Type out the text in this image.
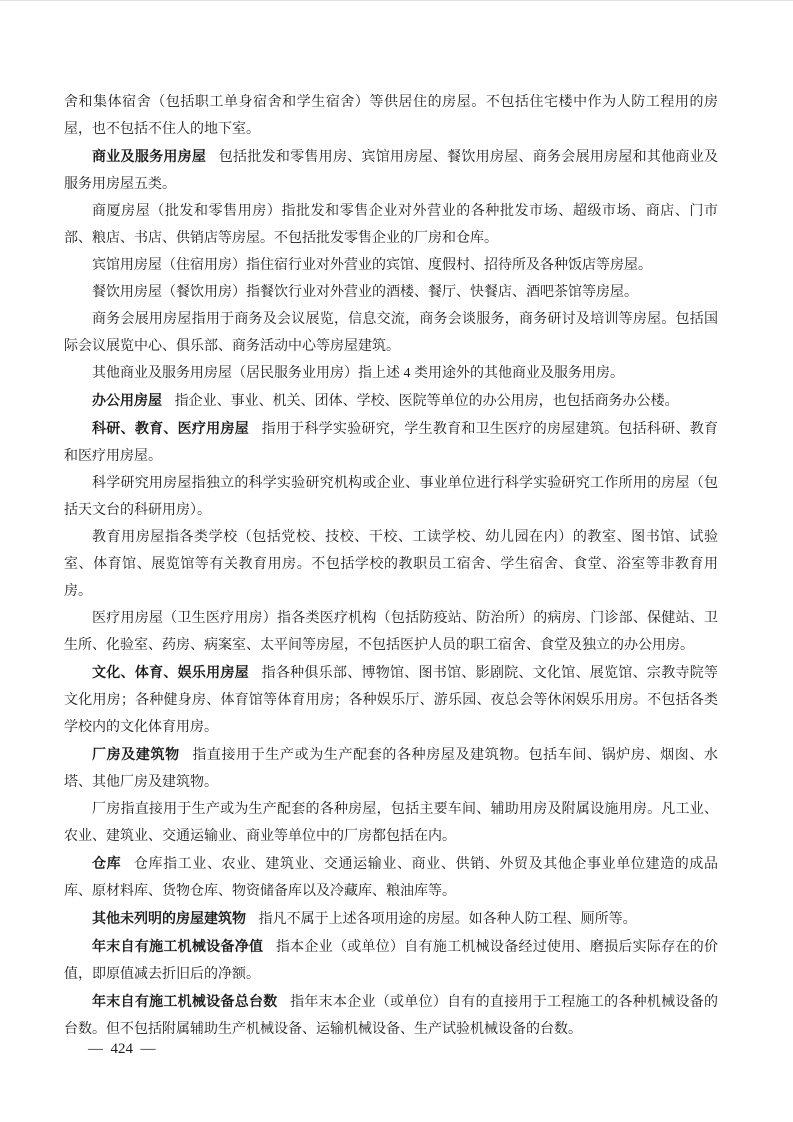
舍和集体宿舍（包括职工单身宿舍和学生宿舍）等供居住的房屋。不包括住宅楼中作为人防工程用的房屋，也不包括不住人的地下室。

商业及服务用房屋 包括批发和零售用房、宾馆用房屋、餐饮用房屋、商务会展用房屋和其他商业及服务用房屋五类。

商厦房屋（批发和零售用房）指批发和零售企业对外营业的各种批发市场、超级市场、商店、门市部、粮店、书店、供销店等房屋。不包括批发零售企业的厂房和仓库。

宾馆用房屋（住宿用房）指住宿行业对外营业的宾馆、度假村、招待所及各种饭店等房屋。

餐饮用房屋（餐饮用房）指餐饮行业对外营业的酒楼、餐厅、快餐店、酒吧茶馆等房屋。

商务会展用房屋指用于商务及会议展览，信息交流，商务会谈服务，商务研讨及培训等房屋。包括国际会议展览中心、俱乐部、商务活动中心等房屋建筑。

其他商业及服务用房屋（居民服务业用房）指上述 4 类用途外的其他商业及服务用房。

办公用房屋 指企业、事业、机关、团体、学校、医院等单位的办公用房，也包括商务办公楼。

科研、教育、医疗用房屋 指用于科学实验研究，学生教育和卫生医疗的房屋建筑。包括科研、教育和医疗用房屋。

科学研究用房屋指独立的科学实验研究机构或企业、事业单位进行科学实验研究工作所用的房屋（包括天文台的科研用房）。

教育用房屋指各类学校（包括党校、技校、干校、工读学校、幼儿园在内）的教室、图书馆、试验室、体育馆、展览馆等有关教育用房。不包括学校的教职员工宿舍、学生宿舍、食堂、浴室等非教育用房。

医疗用房屋（卫生医疗用房）指各类医疗机构（包括防疫站、防治所）的病房、门诊部、保健站、卫生所、化验室、药房、病案室、太平间等房屋，不包括医护人员的职工宿舍、食堂及独立的办公用房。

文化、体育、娱乐用房屋 指各种俱乐部、博物馆、图书馆、影剧院、文化馆、展览馆、宗教寺院等文化用房；各种健身房、体育馆等体育用房；各种娱乐厅、游乐园、夜总会等休闲娱乐用房。不包括各类学校内的文化体育用房。

厂房及建筑物 指直接用于生产或为生产配套的各种房屋及建筑物。包括车间、锅炉房、烟囱、水塔、其他厂房及建筑物。

厂房指直接用于生产或为生产配套的各种房屋，包括主要车间、辅助用房及附属设施用房。凡工业、农业、建筑业、交通运输业、商业等单位中的厂房都包括在内。

仓库 仓库指工业、农业、建筑业、交通运输业、商业、供销、外贸及其他企事业单位建造的成品库、原材料库、货物仓库、物资储备库以及冷藏库、粮油库等。

其他未列明的房屋建筑物 指凡不属于上述各项用途的房屋。如各种人防工程、厕所等。

年末自有施工机械设备净值 指本企业（或单位）自有施工机械设备经过使用、磨损后实际存在的价值，即原值减去折旧后的净额。

年末自有施工机械设备总台数 指年末本企业（或单位）自有的直接用于工程施工的各种机械设备的台数。但不包括附属辅助生产机械设备、运输机械设备、生产试验机械设备的台数。

—  424  —
